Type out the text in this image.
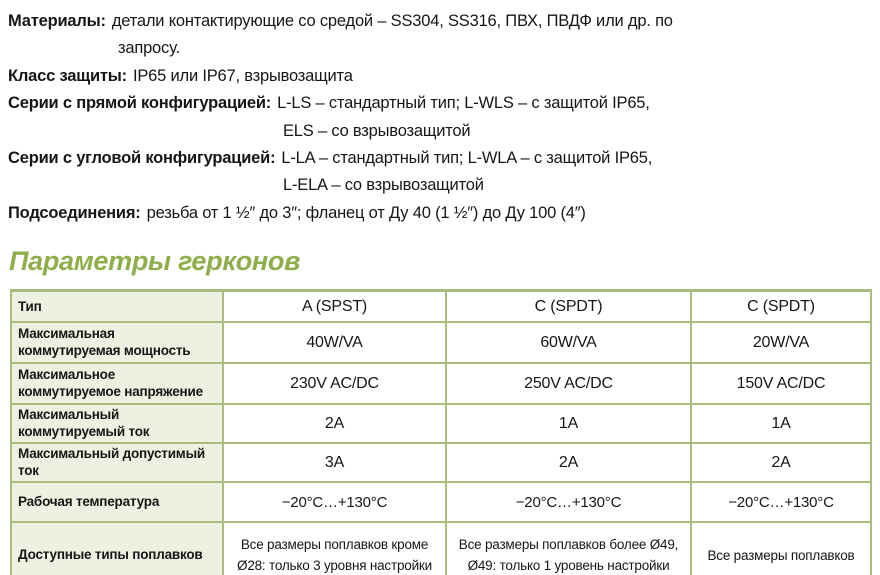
Материалы: детали контактирующие со средой – SS304, SS316, ПВХ, ПВДФ или др. по
запросу.
Класс защиты: IP65 или IP67, взрывозащита
Серии с прямой конфигурацией: L-LS – стандартный тип; L-WLS – с защитой IP65,
ELS – со взрывозащитой
Серии с угловой конфигурацией: L-LA – стандартный тип; L-WLA – с защитой IP65,
L-ELA – со взрывозащитой
Подсоединения: резьба от 1 ½″ до 3″; фланец от Ду 40 (1 ½″) до Ду 100 (4″)
Параметры герконов
Тип	A (SPST)	C (SPDT)	C (SPDT)
Максимальная коммутируемая мощность	40W/VA	60W/VA	20W/VA
Максимальное коммутируемое напряжение	230V AC/DC	250V AC/DC	150V AC/DC
Максимальный коммутируемый ток	2A	1A	1A
Максимальный допустимый ток	3A	2A	2A
Рабочая температура	−20°C…+130°C	−20°C…+130°C	−20°C…+130°C
Доступные типы поплавков	Все размеры поплавков кроме Ø28: только 3 уровня настройки	Все размеры поплавков более Ø49, Ø49: только 1 уровень настройки	Все размеры поплавков
